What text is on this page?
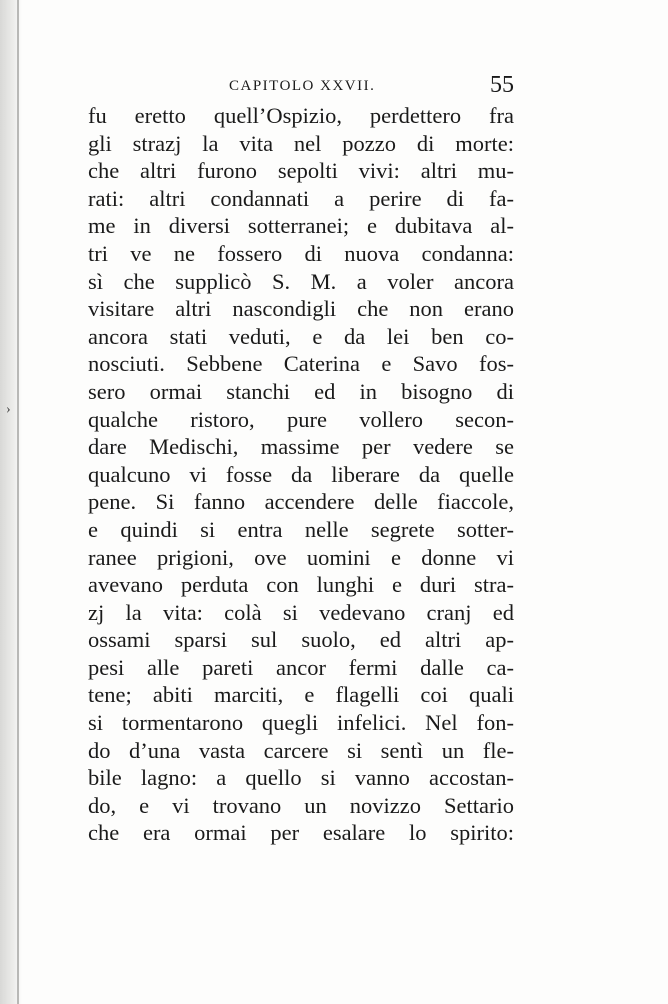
CAPITOLO XXVII.	55
fu eretto quell’Ospizio, perdettero fra
gli strazj la vita nel pozzo di morte:
che altri furono sepolti vivi: altri mu-
rati: altri condannati a perire di fa-
me in diversi sotterranei; e dubitava al-
tri ve ne fossero di nuova condanna:
sì che supplicò S. M. a voler ancora
visitare altri nascondigli che non erano
ancora stati veduti, e da lei ben co-
nosciuti. Sebbene Caterina e Savo fos-
sero ormai stanchi ed in bisogno di
qualche ristoro, pure vollero secon-
dare Medischi, massime per vedere se
qualcuno vi fosse da liberare da quelle
pene. Si fanno accendere delle fiaccole,
e quindi si entra nelle segrete sotter-
ranee prigioni, ove uomini e donne vi
avevano perduta con lunghi e duri stra-
zj la vita: colà si vedevano cranj ed
ossami sparsi sul suolo, ed altri ap-
pesi alle pareti ancor fermi dalle ca-
tene; abiti marciti, e flagelli coi quali
si tormentarono quegli infelici. Nel fon-
do d’una vasta carcere si sentì un fle-
bile lagno: a quello si vanno accostan-
do, e vi trovano un novizzo Settario
che era ormai per esalare lo spirito:
›
